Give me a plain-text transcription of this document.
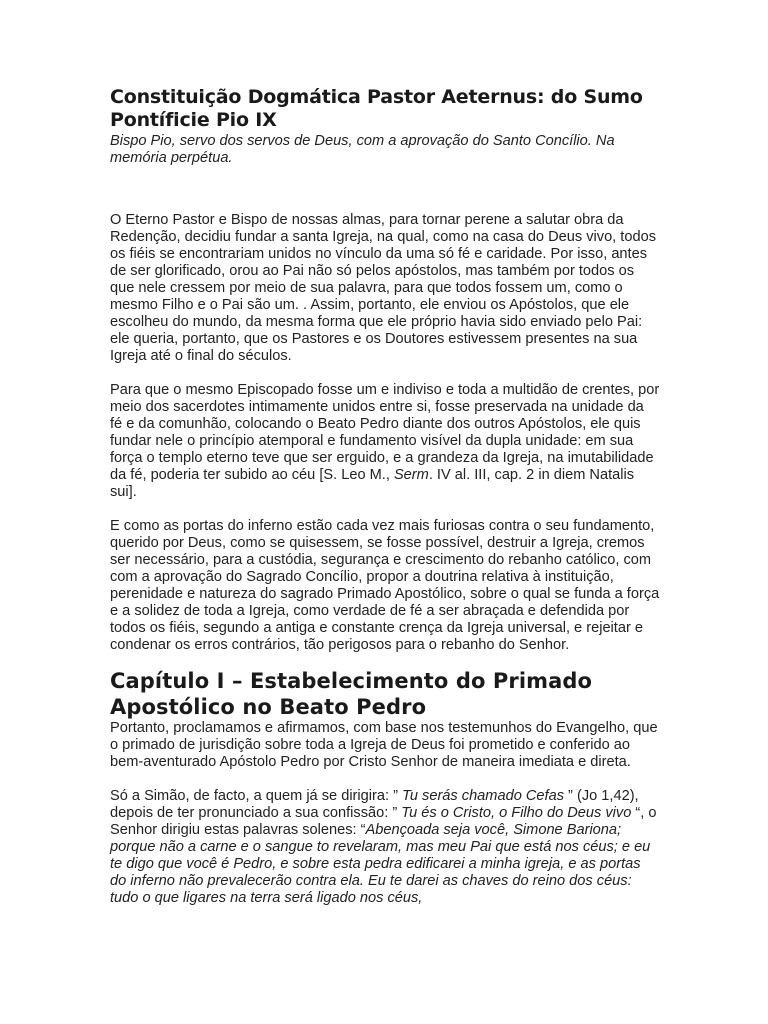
Constituição Dogmática Pastor Aeternus: do Sumo Pontíficie Pio IX

Bispo Pio, servo dos servos de Deus, com a aprovação do Santo Concílio. Na memória perpétua.

O Eterno Pastor e Bispo de nossas almas, para tornar perene a salutar obra da Redenção, decidiu fundar a santa Igreja, na qual, como na casa do Deus vivo, todos os fiéis se encontrariam unidos no vínculo da uma só fé e caridade. Por isso, antes de ser glorificado, orou ao Pai não só pelos apóstolos, mas também por todos os que nele cressem por meio de sua palavra, para que todos fossem um, como o mesmo Filho e o Pai são um. . Assim, portanto, ele enviou os Apóstolos, que ele escolheu do mundo, da mesma forma que ele próprio havia sido enviado pelo Pai: ele queria, portanto, que os Pastores e os Doutores estivessem presentes na sua Igreja até o final do séculos.

Para que o mesmo Episcopado fosse um e indiviso e toda a multidão de crentes, por meio dos sacerdotes intimamente unidos entre si, fosse preservada na unidade da fé e da comunhão, colocando o Beato Pedro diante dos outros Apóstolos, ele quis fundar nele o princípio atemporal e fundamento visível da dupla unidade: em sua força o templo eterno teve que ser erguido, e a grandeza da Igreja, na imutabilidade da fé, poderia ter subido ao céu [S. Leo M., Serm. IV al. III, cap. 2 in diem Natalis sui].

E como as portas do inferno estão cada vez mais furiosas contra o seu fundamento, querido por Deus, como se quisessem, se fosse possível, destruir a Igreja, cremos ser necessário, para a custódia, segurança e crescimento do rebanho católico, com com a aprovação do Sagrado Concílio, propor a doutrina relativa à instituição, perenidade e natureza do sagrado Primado Apostólico, sobre o qual se funda a força e a solidez de toda a Igreja, como verdade de fé a ser abraçada e defendida por todos os fiéis, segundo a antiga e constante crença da Igreja universal, e rejeitar e condenar os erros contrários, tão perigosos para o rebanho do Senhor.

Capítulo I – Estabelecimento do Primado Apostólico no Beato Pedro

Portanto, proclamamos e afirmamos, com base nos testemunhos do Evangelho, que o primado de jurisdição sobre toda a Igreja de Deus foi prometido e conferido ao bem-aventurado Apóstolo Pedro por Cristo Senhor de maneira imediata e direta.

Só a Simão, de facto, a quem já se dirigira: ” Tu serás chamado Cefas ” (Jo 1,42), depois de ter pronunciado a sua confissão: ” Tu és o Cristo, o Filho do Deus vivo “, o Senhor dirigiu estas palavras solenes: “Abençoada seja você, Simone Bariona; porque não a carne e o sangue to revelaram, mas meu Pai que está nos céus; e eu te digo que você é Pedro, e sobre esta pedra edificarei a minha igreja, e as portas do inferno não prevalecerão contra ela. Eu te darei as chaves do reino dos céus: tudo o que ligares na terra será ligado nos céus,
